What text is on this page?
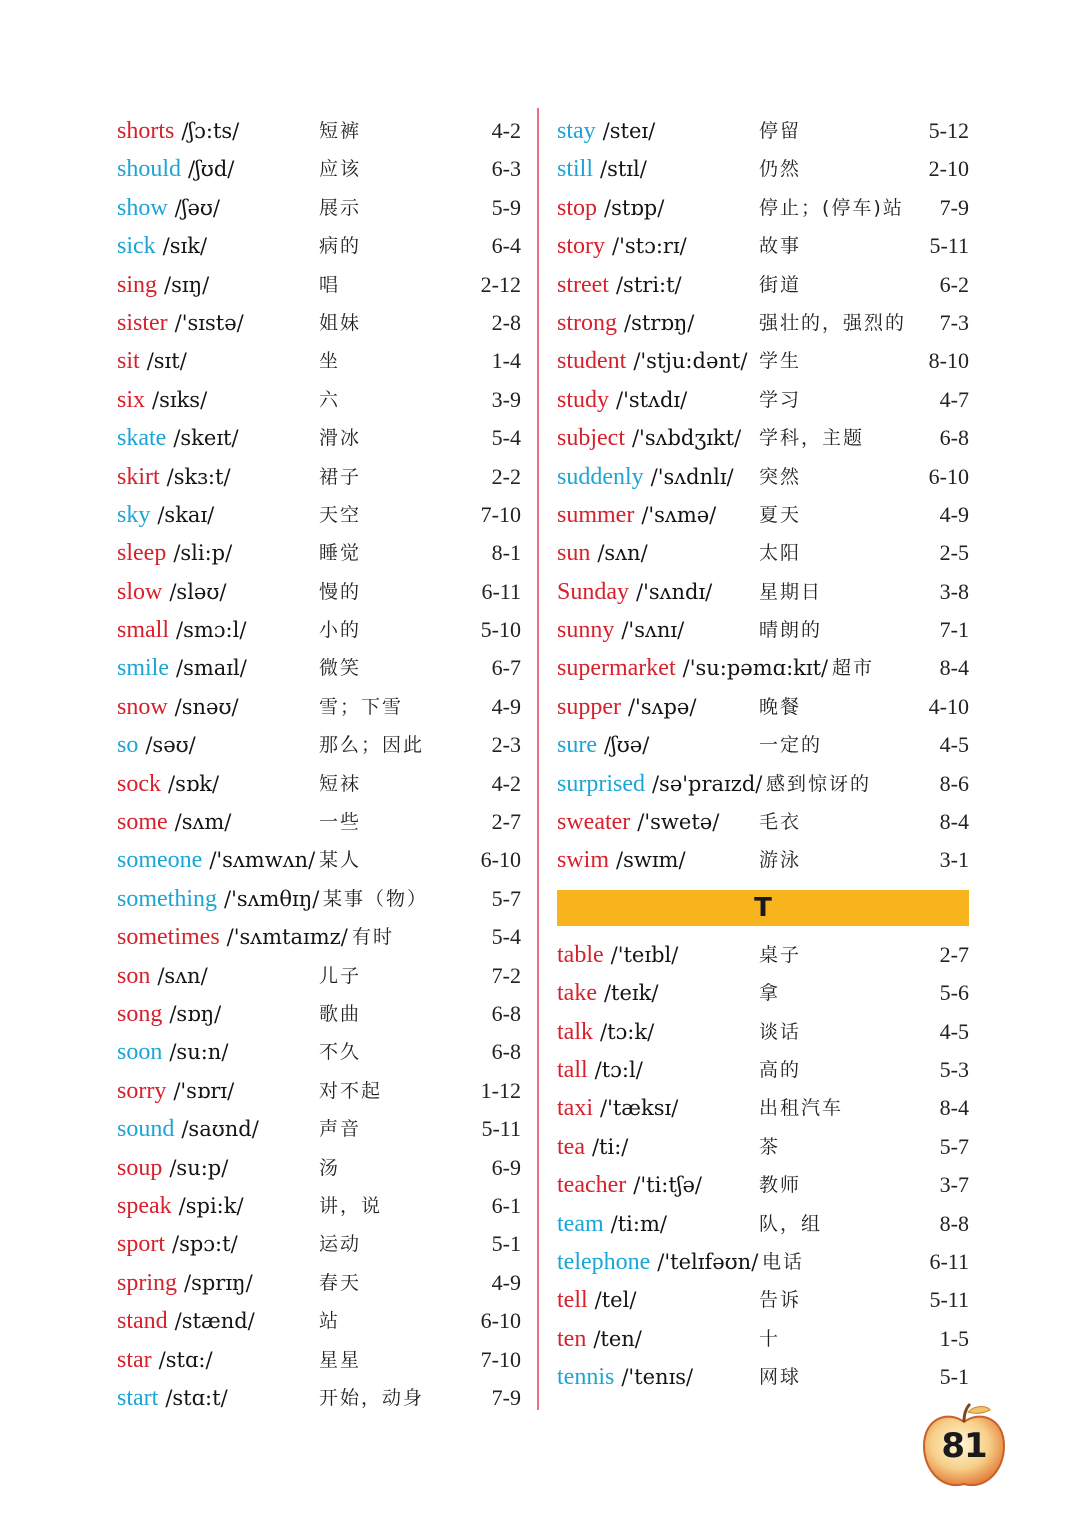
shorts /ʃɔ:ts/	短裤	4-2
should /ʃʊd/	应该	6-3
show /ʃəʊ/	展示	5-9
sick /sɪk/	病的	6-4
sing /sɪŋ/	唱	2-12
sister /'sɪstə/	姐妹	2-8
sit /sɪt/	坐	1-4
six /sɪks/	六	3-9
skate /skeɪt/	滑冰	5-4
skirt /skɜ:t/	裙子	2-2
sky /skaɪ/	天空	7-10
sleep /sli:p/	睡觉	8-1
slow /sləʊ/	慢的	6-11
small /smɔ:l/	小的	5-10
smile /smaɪl/	微笑	6-7
snow /snəʊ/	雪；下雪	4-9
so /səʊ/	那么；因此	2-3
sock /sɒk/	短袜	4-2
some /sʌm/	一些	2-7
someone /'sʌmwʌn/ 某人	6-10
something /'sʌmθɪŋ/ 某事（物）	5-7
sometimes /'sʌmtaɪmz/ 有时	5-4
son /sʌn/	儿子	7-2
song /sɒŋ/	歌曲	6-8
soon /su:n/	不久	6-8
sorry /'sɒrɪ/	对不起	1-12
sound /saʊnd/	声音	5-11
soup /su:p/	汤	6-9
speak /spi:k/	讲，说	6-1
sport /spɔ:t/	运动	5-1
spring /sprɪŋ/	春天	4-9
stand /stænd/	站	6-10
star /stɑ:/	星星	7-10
start /stɑ:t/	开始，动身	7-9
stay /steɪ/	停留	5-12
still /stɪl/	仍然	2-10
stop /stɒp/	停止；(停车)站 7-9
story /'stɔ:rɪ/	故事	5-11
street /stri:t/	街道	6-2
strong /strɒŋ/	强壮的，强烈的 7-3
student /'stju:dənt/ 学生	8-10
study /'stʌdɪ/	学习	4-7
subject /'sʌbdʒɪkt/ 学科，主题	6-8
suddenly /'sʌdnlɪ/ 突然	6-10
summer /'sʌmə/ 夏天	4-9
sun /sʌn/	太阳	2-5
Sunday /'sʌndɪ/ 星期日	3-8
sunny /'sʌnɪ/	晴朗的	7-1
supermarket /'su:pəmɑ:kɪt/ 超市	8-4
supper /'sʌpə/	晚餐	4-10
sure /ʃʊə/	一定的	4-5
surprised /sə'praɪzd/ 感到惊讶的	8-6
sweater /'swetə/ 毛衣	8-4
swim /swɪm/	游泳	3-1
T
table /'teɪbl/	桌子	2-7
take /teɪk/	拿	5-6
talk /tɔ:k/	谈话	4-5
tall /tɔ:l/	高的	5-3
taxi /'tæksɪ/	出租汽车	8-4
tea /ti:/	茶	5-7
teacher /'ti:tʃə/	教师	3-7
team /ti:m/	队，组	8-8
telephone /'telɪfəʊn/ 电话	6-11
tell /tel/	告诉	5-11
ten /ten/	十	1-5
tennis /'tenɪs/	网球	5-1
81
